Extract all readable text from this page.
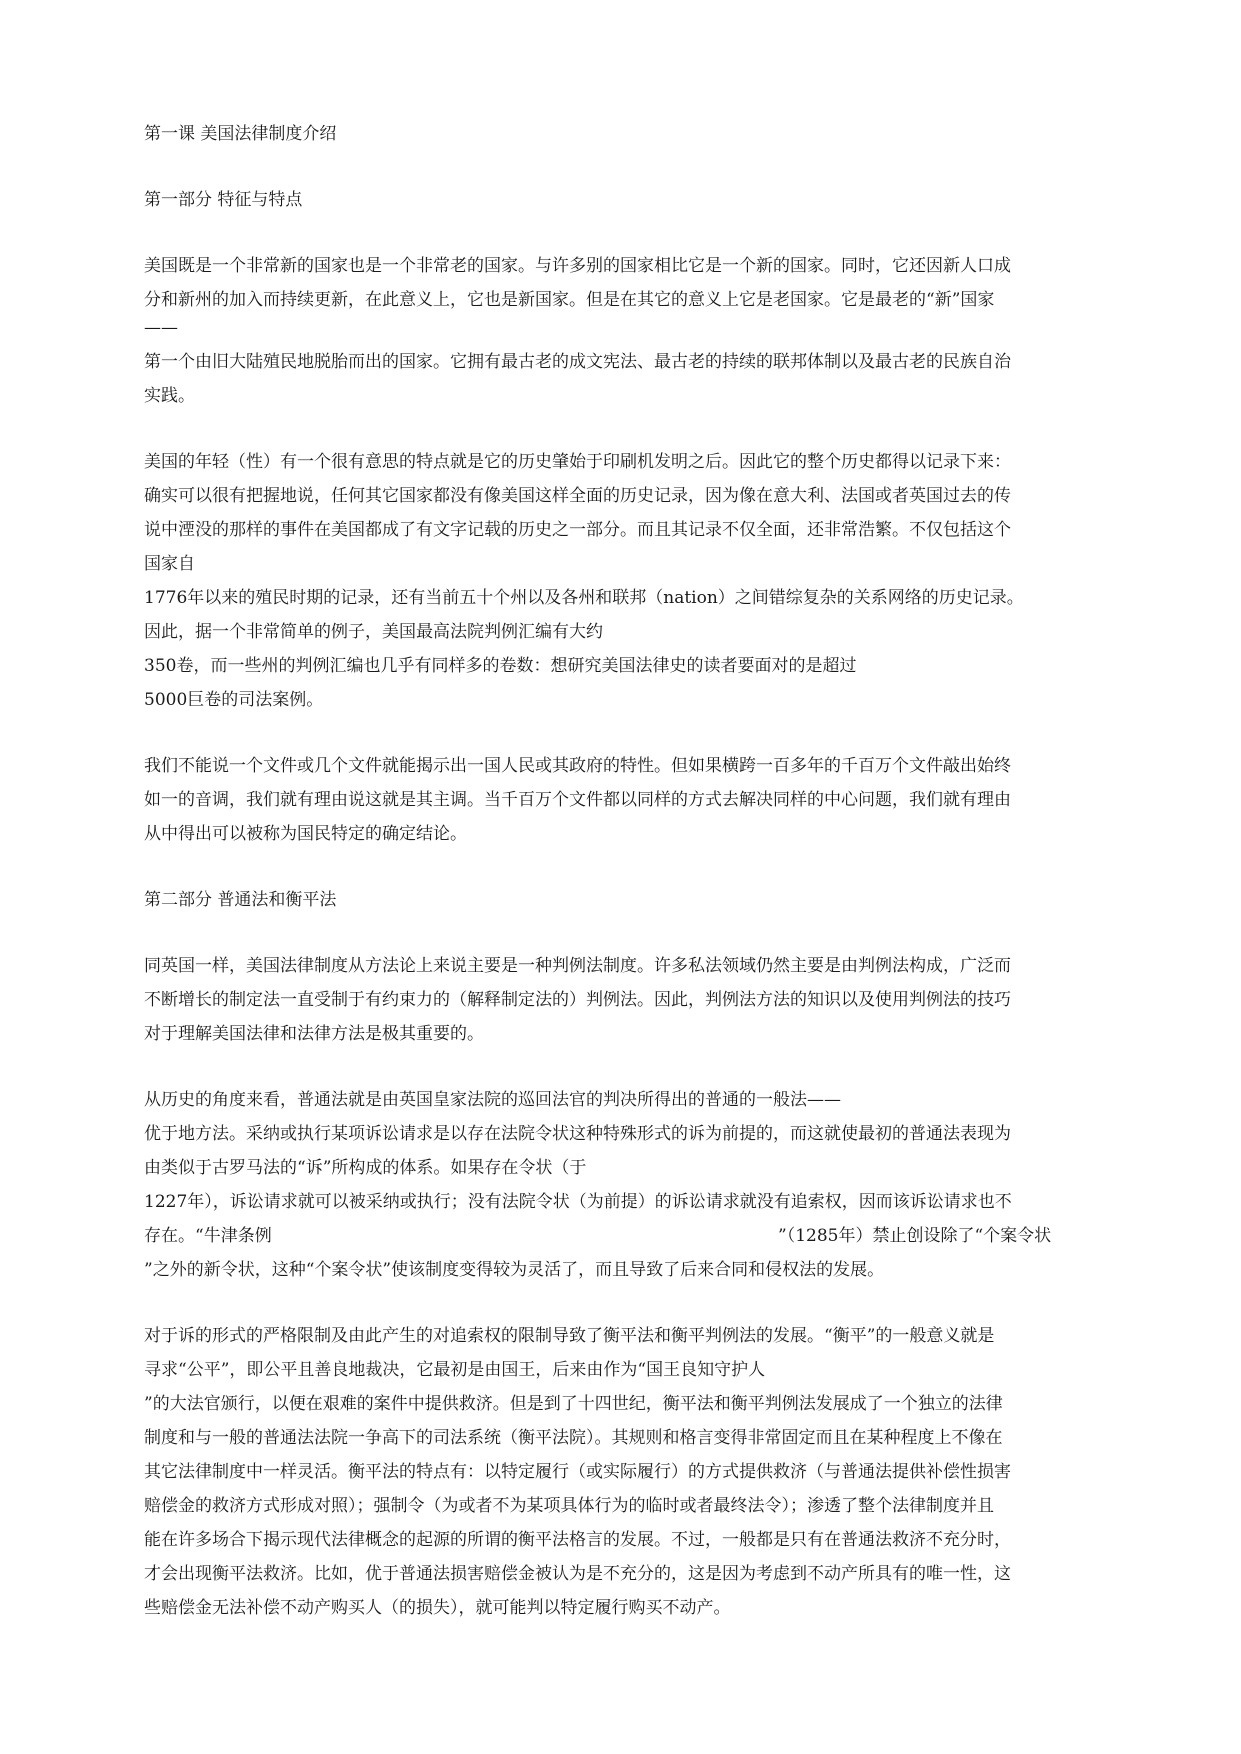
第一课 美国法律制度介绍
第一部分 特征与特点
美国既是一个非常新的国家也是一个非常老的国家。与许多别的国家相比它是一个新的国家。同时，它还因新人口成
分和新州的加入而持续更新，在此意义上，它也是新国家。但是在其它的意义上它是老国家。它是最老的“新”国家
——
第一个由旧大陆殖民地脱胎而出的国家。它拥有最古老的成文宪法、最古老的持续的联邦体制以及最古老的民族自治
实践。
美国的年轻（性）有一个很有意思的特点就是它的历史肇始于印刷机发明之后。因此它的整个历史都得以记录下来：
确实可以很有把握地说，任何其它国家都没有像美国这样全面的历史记录，因为像在意大利、法国或者英国过去的传
说中湮没的那样的事件在美国都成了有文字记载的历史之一部分。而且其记录不仅全面，还非常浩繁。不仅包括这个
国家自
1776年以来的殖民时期的记录，还有当前五十个州以及各州和联邦（nation）之间错综复杂的关系网络的历史记录。
因此，据一个非常简单的例子，美国最高法院判例汇编有大约
350卷，而一些州的判例汇编也几乎有同样多的卷数：想研究美国法律史的读者要面对的是超过
5000巨卷的司法案例。
我们不能说一个文件或几个文件就能揭示出一国人民或其政府的特性。但如果横跨一百多年的千百万个文件敲出始终
如一的音调，我们就有理由说这就是其主调。当千百万个文件都以同样的方式去解决同样的中心问题，我们就有理由
从中得出可以被称为国民特定的确定结论。
第二部分 普通法和衡平法
同英国一样，美国法律制度从方法论上来说主要是一种判例法制度。许多私法领域仍然主要是由判例法构成，广泛而
不断增长的制定法一直受制于有约束力的（解释制定法的）判例法。因此，判例法方法的知识以及使用判例法的技巧
对于理解美国法律和法律方法是极其重要的。
从历史的角度来看，普通法就是由英国皇家法院的巡回法官的判决所得出的普通的一般法——
优于地方法。采纳或执行某项诉讼请求是以存在法院令状这种特殊形式的诉为前提的，而这就使最初的普通法表现为
由类似于古罗马法的“诉”所构成的体系。如果存在令状（于
1227年），诉讼请求就可以被采纳或执行；没有法院令状（为前提）的诉讼请求就没有追索权，因而该诉讼请求也不
存在。“牛津条例	”（1285年）禁止创设除了“个案令状
”之外的新令状，这种“个案令状”使该制度变得较为灵活了，而且导致了后来合同和侵权法的发展。
对于诉的形式的严格限制及由此产生的对追索权的限制导致了衡平法和衡平判例法的发展。“衡平”的一般意义就是
寻求“公平”，即公平且善良地裁决，它最初是由国王，后来由作为“国王良知守护人
”的大法官颁行，以便在艰难的案件中提供救济。但是到了十四世纪，衡平法和衡平判例法发展成了一个独立的法律
制度和与一般的普通法法院一争高下的司法系统（衡平法院）。其规则和格言变得非常固定而且在某种程度上不像在
其它法律制度中一样灵活。衡平法的特点有：以特定履行（或实际履行）的方式提供救济（与普通法提供补偿性损害
赔偿金的救济方式形成对照）；强制令（为或者不为某项具体行为的临时或者最终法令）；渗透了整个法律制度并且
能在许多场合下揭示现代法律概念的起源的所谓的衡平法格言的发展。不过，一般都是只有在普通法救济不充分时，
才会出现衡平法救济。比如，优于普通法损害赔偿金被认为是不充分的，这是因为考虑到不动产所具有的唯一性，这
些赔偿金无法补偿不动产购买人（的损失），就可能判以特定履行购买不动产。
